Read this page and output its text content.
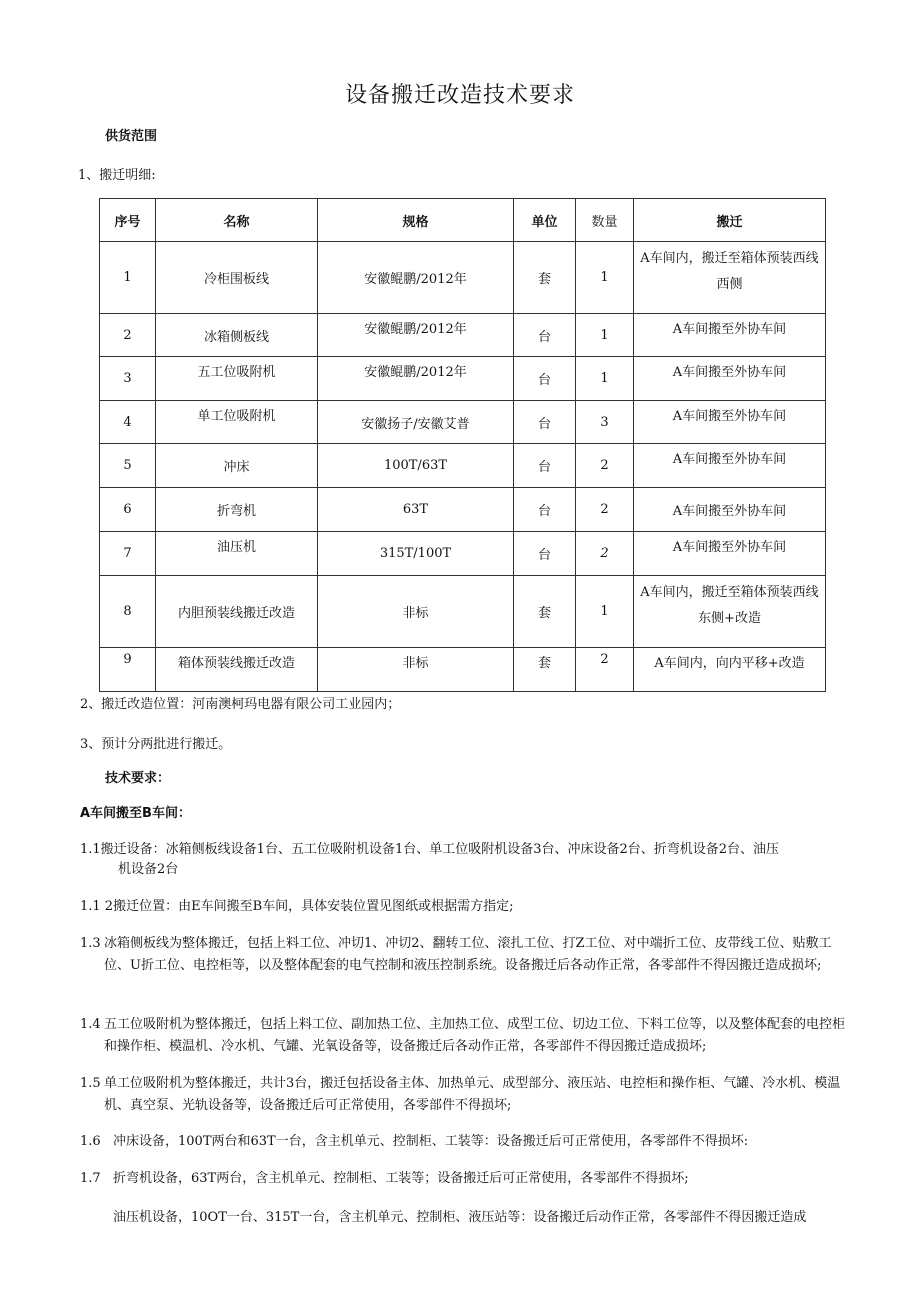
设备搬迁改造技术要求
供货范围
1、搬迁明细:
序号	名称	规格	单位	数量	搬迁
1	冷柜围板线	安徽鲲鹏/2012年	套	1	A车间内，搬迁至箱体预装西线西侧
2	冰箱侧板线	安徽鲲鹏/2012年	台	1	A车间搬至外协车间
3	五工位吸附机	安徽鲲鹏/2012年	台	1	A车间搬至外协车间
4	单工位吸附机	安徽扬子/安徽艾普	台	3	A车间搬至外协车间
5	冲床	100T/63T	台	2	A车间搬至外协车间
6	折弯机	63T	台	2	A车间搬至外协车间
7	油压机	315T/100T	台	2	A车间搬至外协车间
8	内胆预装线搬迁改造	非标	套	1	A车间内，搬迁至箱体预装西线东侧+改造
9	箱体预装线搬迁改造	非标	套	2	A车间内，向内平移+改造
2、搬迁改造位置：河南澳柯玛电器有限公司工业园内；
3、预计分两批进行搬迁。
技术要求：
A车间搬至B车间：
1.1搬迁设备：冰箱侧板线设备1台、五工位吸附机设备1台、单工位吸附机设备3台、冲床设备2台、折弯机设备2台、油压
机设备2台
1.1 2搬迁位置：由E车间搬至B车间，具体安装位置见图纸或根据需方指定;
1.3 冰箱侧板线为整体搬迁，包括上料工位、冲切1、冲切2、翻转工位、滚扎工位、打Z工位、对中端折工位、皮带线工位、贴敷工位、U折工位、电控柜等，以及整体配套的电气控制和液压控制系统。设备搬迁后各动作正常，各零部件不得因搬迁造成损坏;
1.4 五工位吸附机为整体搬迁，包括上料工位、副加热工位、主加热工位、成型工位、切边工位、下料工位等，以及整体配套的电控柜和操作柜、模温机、冷水机、气罐、光氧设备等，设备搬迁后各动作正常，各零部件不得因搬迁造成损坏;
1.5 单工位吸附机为整体搬迁，共计3台，搬迁包括设备主体、加热单元、成型部分、液压站、电控柜和操作柜、气罐、冷水机、模温机、真空泵、光轨设备等，设备搬迁后可正常使用，各零部件不得损坏;
1.6 冲床设备，100T两台和63T一台，含主机单元、控制柜、工装等：设备搬迁后可正常使用，各零部件不得损坏:
1.7 折弯机设备，63T两台，含主机单元、控制柜、工装等；设备搬迁后可正常使用，各零部件不得损坏;
油压机设备，10OT一台、315T一台，含主机单元、控制柜、液压站等：设备搬迁后动作正常，各零部件不得因搬迁造成
